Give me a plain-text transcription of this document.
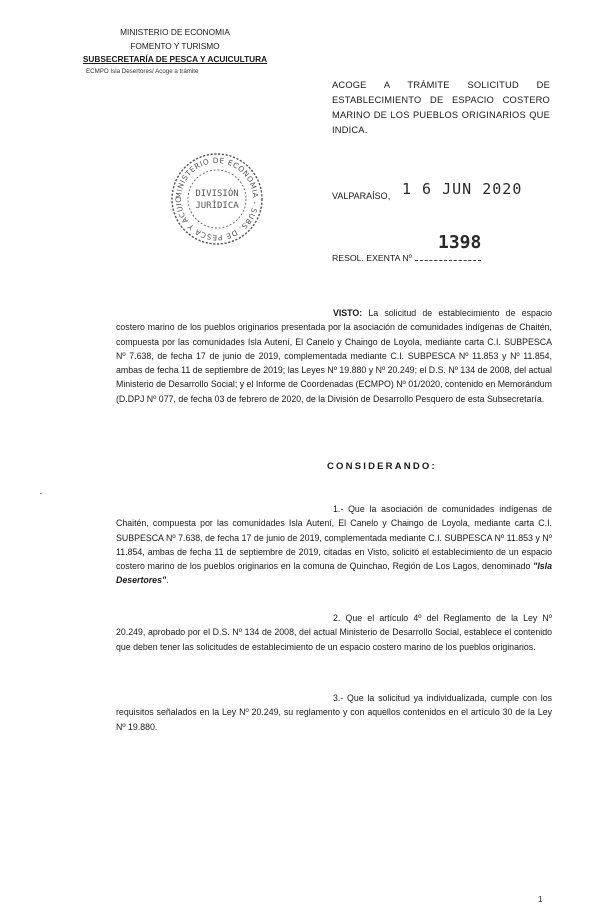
MINISTERIO DE ECONOMIA
FOMENTO Y TURISMO
SUBSECRETARÍA DE PESCA Y ACUICULTURA
ECMPO Isla Desertores/ Acoge a trámite
ACOGE A TRÁMITE SOLICITUD DE ESTABLECIMIENTO DE ESPACIO COSTERO MARINO DE LOS PUEBLOS ORIGINARIOS QUE INDICA.
MINISTERIO DE ECONOMIA - SUBS. DE PESCA Y ACUIC
DIVISIÓN
JURÍDICA
VALPARAÍSO, 1 6 JUN 2020
1398
RESOL. EXENTA Nº
VISTO: La solicitud de establecimiento de espacio costero marino de los pueblos originarios presentada por la asociación de comunidades indígenas de Chaitén, compuesta por las comunidades Isla Autení, El Canelo y Chaingo de Loyola, mediante carta C.I. SUBPESCA Nº 7.638, de fecha 17 de junio de 2019, complementada mediante C.I. SUBPESCA Nº 11.853 y Nº 11.854, ambas de fecha 11 de septiembre de 2019; las Leyes Nº 19.880 y Nº 20.249; el D.S. Nº 134 de 2008, del actual Ministerio de Desarrollo Social; y el Informe de Coordenadas (ECMPO) Nº 01/2020, contenido en Memorándum (D.DPJ Nº 077, de fecha 03 de febrero de 2020, de la División de Desarrollo Pesquero de esta Subsecretaría.
CONSIDERANDO:
1.- Que la asociación de comunidades indígenas de Chaitén, compuesta por las comunidades Isla Autení, El Canelo y Chaingo de Loyola, mediante carta C.I. SUBPESCA Nº 7.638, de fecha 17 de junio de 2019, complementada mediante C.I. SUBPESCA Nº 11.853 y Nº 11.854, ambas de fecha 11 de septiembre de 2019, citadas en Visto, solicitó el establecimiento de un espacio costero marino de los pueblos originarios en la comuna de Quinchao, Región de Los Lagos, denominado "Isla Desertores".
2. Que el artículo 4º del Reglamento de la Ley Nº 20.249, aprobado por el D.S. Nº 134 de 2008, del actual Ministerio de Desarrollo Social, establece el contenido que deben tener las solicitudes de establecimiento de un espacio costero marino de los pueblos originarios.
3.- Que la solicitud ya individualizada, cumple con los requisitos señalados en la Ley Nº 20.249, su reglamento y con aquellos contenidos en el artículo 30 de la Ley Nº 19.880.
1
